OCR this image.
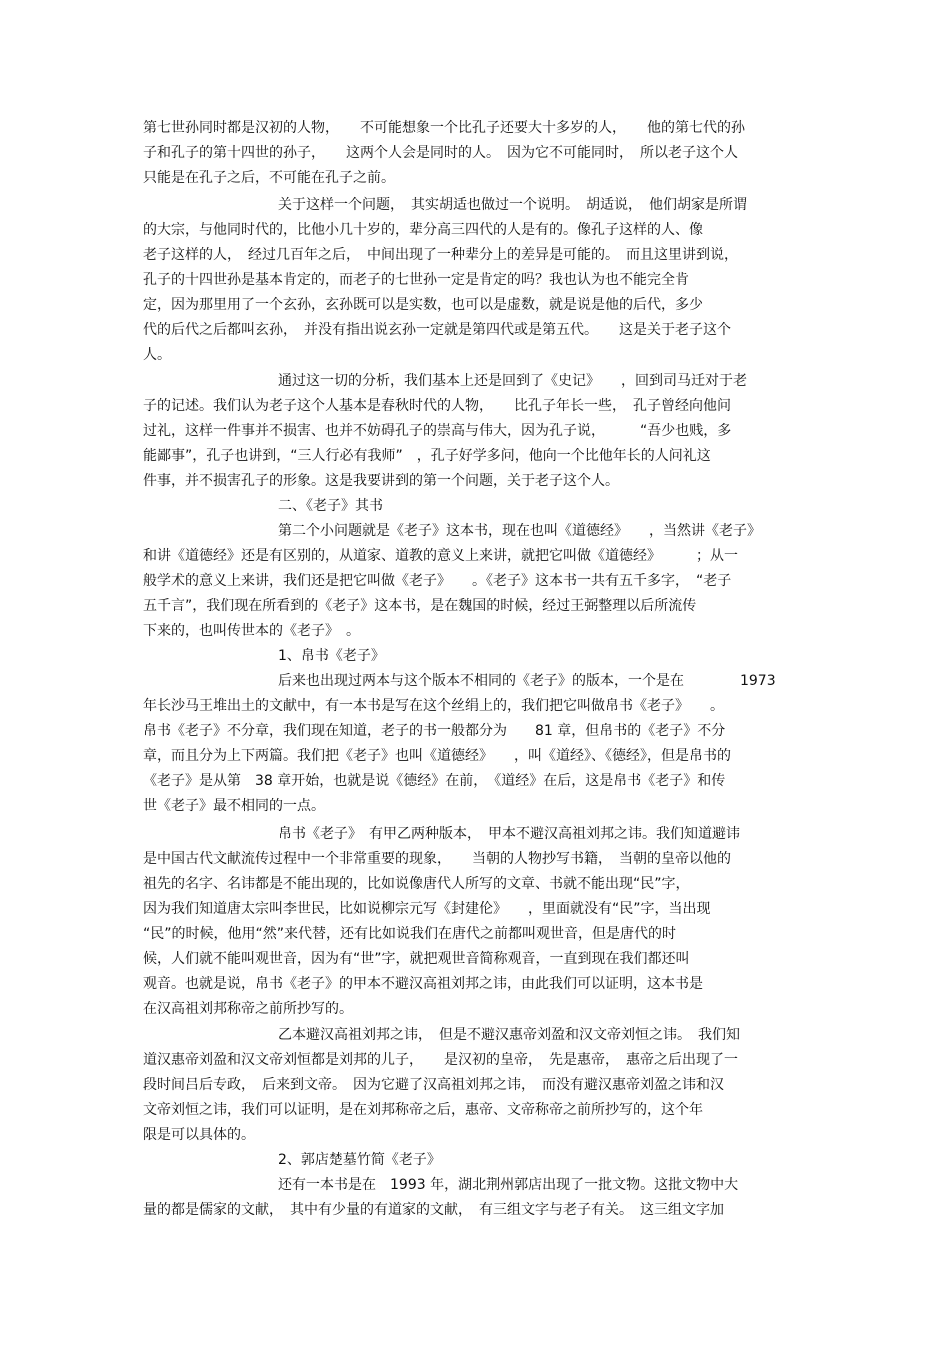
第七世孙同时都是汉初的人物，　　不可能想象一个比孔子还要大十多岁的人，　　他的第七代的孙
子和孔子的第十四世的孙子，　　这两个人会是同时的人。　因为它不可能同时，　所以老子这个人
只能是在孔子之后，不可能在孔子之前。
关于这样一个问题，　其实胡适也做过一个说明。　胡适说，　他们胡家是所谓
的大宗，与他同时代的，比他小几十岁的，辈分高三四代的人是有的。像孔子这样的人、像
老子这样的人，　经过几百年之后，　中间出现了一种辈分上的差异是可能的。　而且这里讲到说，
孔子的十四世孙是基本肯定的，而老子的七世孙一定是肯定的吗？我也认为也不能完全肯
定，因为那里用了一个玄孙，玄孙既可以是实数，也可以是虚数，就是说是他的后代，多少
代的后代之后都叫玄孙，　并没有指出说玄孙一定就是第四代或是第五代。　　这是关于老子这个
人。
通过这一切的分析，我们基本上还是回到了《史记》　　，回到司马迁对于老
子的记述。我们认为老子这个人基本是春秋时代的人物，　　比孔子年长一些，　孔子曾经向他问
过礼，这样一件事并不损害、也并不妨碍孔子的崇高与伟大，因为孔子说，　　　“吾少也贱，多
能鄙事”，孔子也讲到，“三人行必有我师”　，孔子好学多问，他向一个比他年长的人问礼这
件事，并不损害孔子的形象。这是我要讲到的第一个问题，关于老子这个人。
二、《老子》其书
第二个小问题就是《老子》这本书，现在也叫《道德经》　　，当然讲《老子》
和讲《道德经》还是有区别的，从道家、道教的意义上来讲，就把它叫做《道德经》　　　；从一
般学术的意义上来讲，我们还是把它叫做《老子》　　。《老子》这本书一共有五千多字，　“老子
五千言”，我们现在所看到的《老子》这本书，是在魏国的时候，经过王弼整理以后所流传
下来的，也叫传世本的《老子》　。
1、帛书《老子》
后来也出现过两本与这个版本不相同的《老子》的版本，一个是在　　　　1973
年长沙马王堆出土的文献中，有一本书是写在这个丝绢上的，我们把它叫做帛书《老子》　　。
帛书《老子》不分章，我们现在知道，老子的书一般都分为　　81 章，但帛书的《老子》不分
章，而且分为上下两篇。我们把《老子》也叫《道德经》　　，叫《道经》、《德经》，但是帛书的
《老子》是从第　38 章开始，也就是说《德经》在前，　《道经》在后，这是帛书《老子》和传
世《老子》最不相同的一点。
帛书《老子》　有甲乙两种版本，　甲本不避汉高祖刘邦之讳。我们知道避讳
是中国古代文献流传过程中一个非常重要的现象，　　当朝的人物抄写书籍，　当朝的皇帝以他的
祖先的名字、名讳都是不能出现的，比如说像唐代人所写的文章、书就不能出现“民”字，
因为我们知道唐太宗叫李世民，比如说柳宗元写《封建伦》　　，里面就没有“民”字，当出现
“民”的时候，他用“然”来代替，还有比如说我们在唐代之前都叫观世音，但是唐代的时
候，人们就不能叫观世音，因为有“世”字，就把观世音简称观音，一直到现在我们都还叫
观音。也就是说，帛书《老子》的甲本不避汉高祖刘邦之讳，由此我们可以证明，这本书是
在汉高祖刘邦称帝之前所抄写的。
乙本避汉高祖刘邦之讳，　但是不避汉惠帝刘盈和汉文帝刘恒之讳。　我们知
道汉惠帝刘盈和汉文帝刘恒都是刘邦的儿子，　　是汉初的皇帝，　先是惠帝，　惠帝之后出现了一
段时间吕后专政，　后来到文帝。　因为它避了汉高祖刘邦之讳，　而没有避汉惠帝刘盈之讳和汉
文帝刘恒之讳，我们可以证明，是在刘邦称帝之后，惠帝、文帝称帝之前所抄写的，这个年
限是可以具体的。
2、郭店楚墓竹简《老子》
还有一本书是在　1993 年，湖北荆州郭店出现了一批文物。这批文物中大
量的都是儒家的文献，　其中有少量的有道家的文献，　有三组文字与老子有关。　这三组文字加
